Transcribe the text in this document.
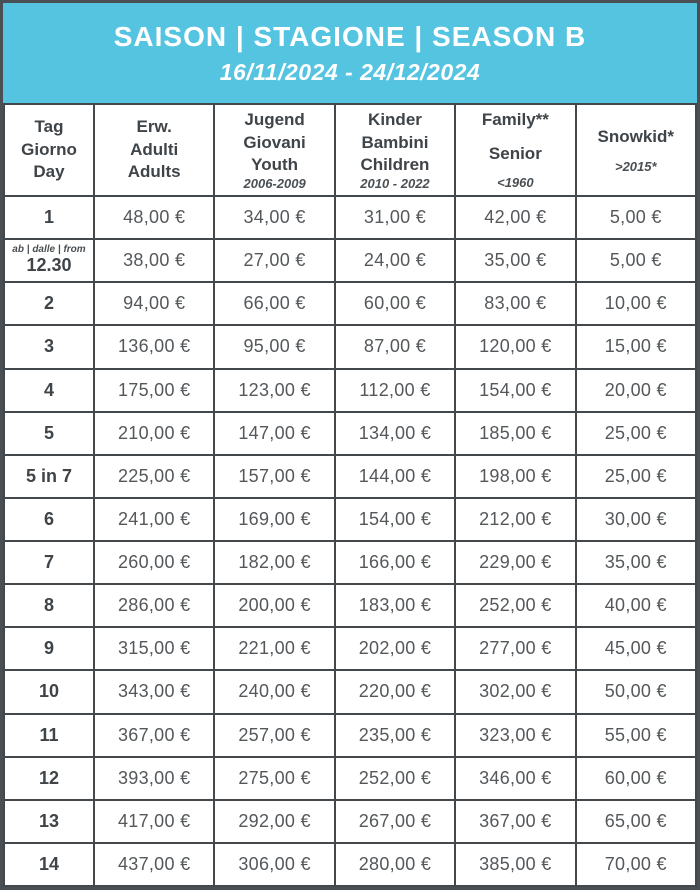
SAISON | STAGIONE | SEASON B
16/11/2024 - 24/12/2024
Tag
Giorno
Day	Erw.
Adulti
Adults	Jugend
Giovani
Youth
2006-2009	Kinder
Bambini
Children
2010 - 2022	Family**
Senior
<1960	Snowkid*
>2015*

1	48,00 €	34,00 €	31,00 €	42,00 €	5,00 €

ab | dalle | from
12.30	38,00 €	27,00 €	24,00 €	35,00 €	5,00 €
2	94,00 €	66,00 €	60,00 €	83,00 €	10,00 €
3	136,00 €	95,00 €	87,00 €	120,00 €	15,00 €
4	175,00 €	123,00 €	112,00 €	154,00 €	20,00 €
5	210,00 €	147,00 €	134,00 €	185,00 €	25,00 €
5 in 7	225,00 €	157,00 €	144,00 €	198,00 €	25,00 €
6	241,00 €	169,00 €	154,00 €	212,00 €	30,00 €
7	260,00 €	182,00 €	166,00 €	229,00 €	35,00 €
8	286,00 €	200,00 €	183,00 €	252,00 €	40,00 €
9	315,00 €	221,00 €	202,00 €	277,00 €	45,00 €
10	343,00 €	240,00 €	220,00 €	302,00 €	50,00 €
11	367,00 €	257,00 €	235,00 €	323,00 €	55,00 €
12	393,00 €	275,00 €	252,00 €	346,00 €	60,00 €
13	417,00 €	292,00 €	267,00 €	367,00 €	65,00 €
14	437,00 €	306,00 €	280,00 €	385,00 €	70,00 €
